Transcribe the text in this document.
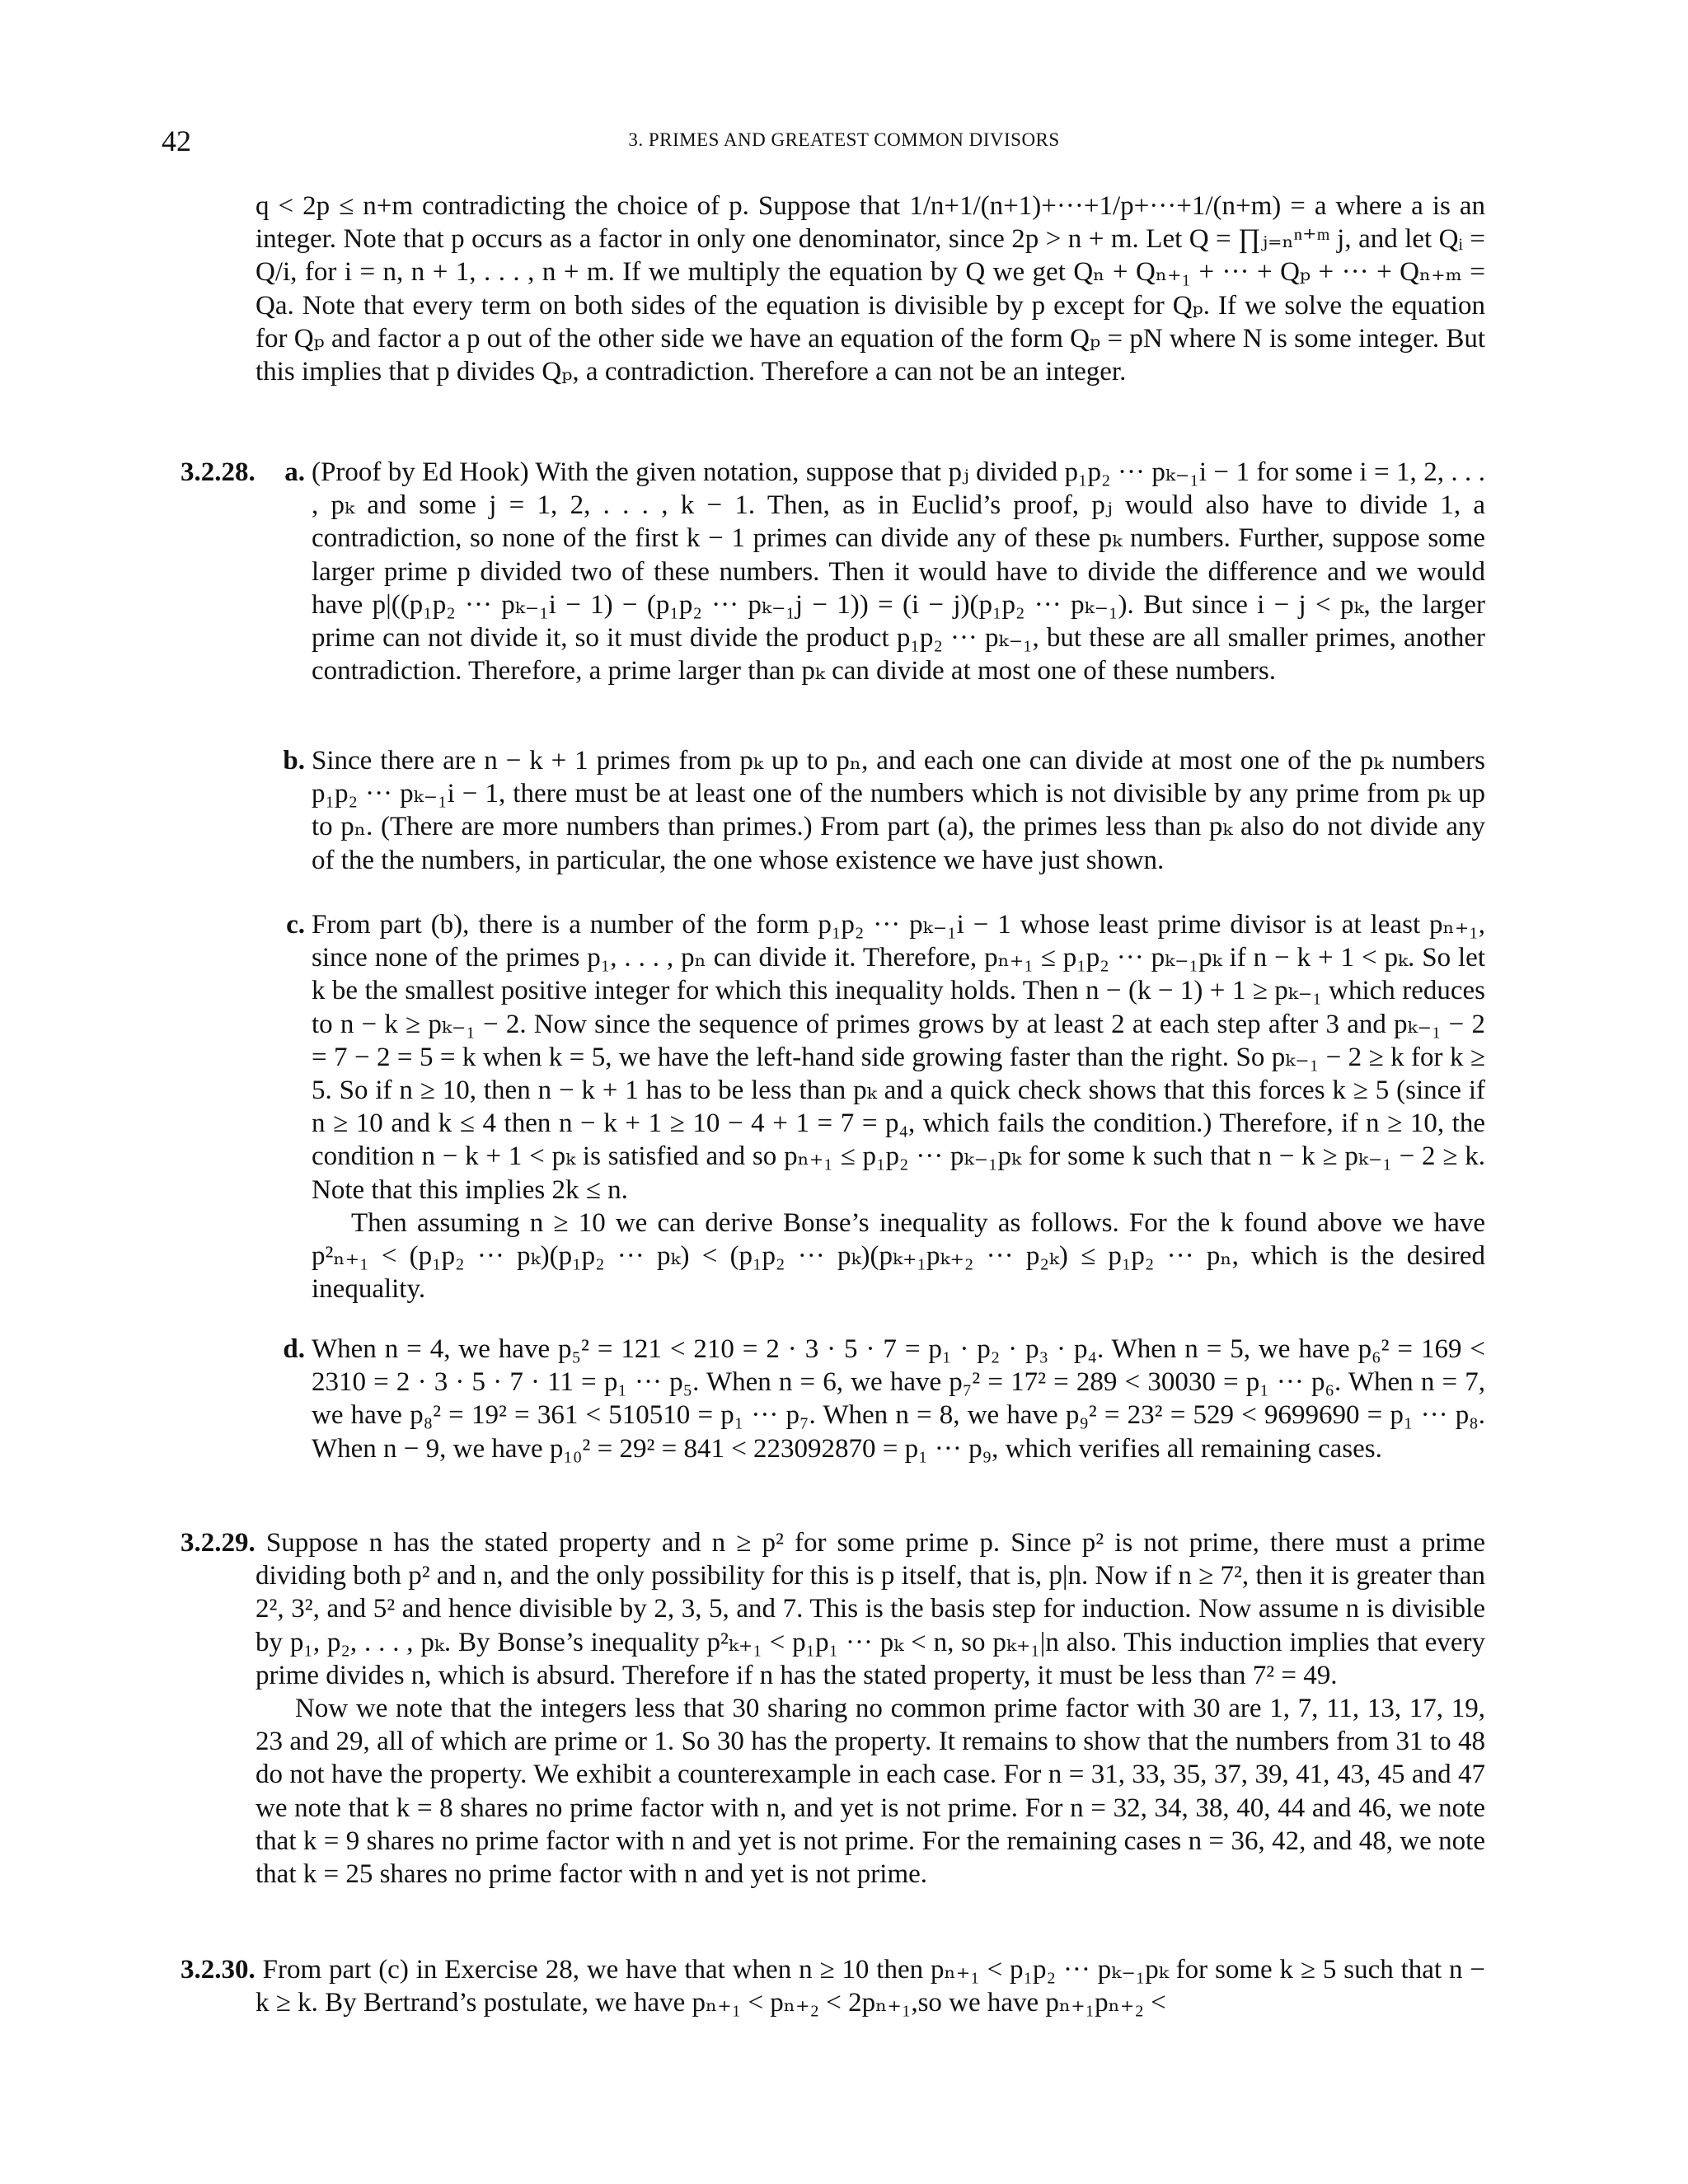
42	3. PRIMES AND GREATEST COMMON DIVISORS

q < 2p ≤ n+m contradicting the choice of p. Suppose that 1/n+1/(n+1)+···+1/p+···+1/(n+m) = a where a is an integer. Note that p occurs as a factor in only one denominator, since 2p > n + m. Let Q = ∏ⱼ₌ₙⁿ⁺ᵐ j, and let Qᵢ = Q/i, for i = n, n + 1, . . . , n + m. If we multiply the equation by Q we get Qₙ + Qₙ₊₁ + ··· + Qₚ + ··· + Qₙ₊ₘ = Qa. Note that every term on both sides of the equation is divisible by p except for Qₚ. If we solve the equation for Qₚ and factor a p out of the other side we have an equation of the form Qₚ = pN where N is some integer. But this implies that p divides Qₚ, a contradiction. Therefore a can not be an integer.

3.2.28.	a. (Proof by Ed Hook) With the given notation, suppose that pⱼ divided p₁p₂ ··· pₖ₋₁i − 1 for some i = 1, 2, . . . , pₖ and some j = 1, 2, . . . , k − 1. Then, as in Euclid’s proof, pⱼ would also have to divide 1, a contradiction, so none of the first k − 1 primes can divide any of these pₖ numbers. Further, suppose some larger prime p divided two of these numbers. Then it would have to divide the difference and we would have p|((p₁p₂ ··· pₖ₋₁i − 1) − (p₁p₂ ··· pₖ₋₁j − 1)) = (i − j)(p₁p₂ ··· pₖ₋₁). But since i − j < pₖ, the larger prime can not divide it, so it must divide the product p₁p₂ ··· pₖ₋₁, but these are all smaller primes, another contradiction. Therefore, a prime larger than pₖ can divide at most one of these numbers.

b. Since there are n − k + 1 primes from pₖ up to pₙ, and each one can divide at most one of the pₖ numbers p₁p₂ ··· pₖ₋₁i − 1, there must be at least one of the numbers which is not divisible by any prime from pₖ up to pₙ. (There are more numbers than primes.) From part (a), the primes less than pₖ also do not divide any of the the numbers, in particular, the one whose existence we have just shown.

c. From part (b), there is a number of the form p₁p₂ ··· pₖ₋₁i − 1 whose least prime divisor is at least pₙ₊₁, since none of the primes p₁, . . . , pₙ can divide it. Therefore, pₙ₊₁ ≤ p₁p₂ ··· pₖ₋₁pₖ if n − k + 1 < pₖ. So let k be the smallest positive integer for which this inequality holds. Then n − (k − 1) + 1 ≥ pₖ₋₁ which reduces to n − k ≥ pₖ₋₁ − 2. Now since the sequence of primes grows by at least 2 at each step after 3 and pₖ₋₁ − 2 = 7 − 2 = 5 = k when k = 5, we have the left-hand side growing faster than the right. So pₖ₋₁ − 2 ≥ k for k ≥ 5. So if n ≥ 10, then n − k + 1 has to be less than pₖ and a quick check shows that this forces k ≥ 5 (since if n ≥ 10 and k ≤ 4 then n − k + 1 ≥ 10 − 4 + 1 = 7 = p₄, which fails the condition.) Therefore, if n ≥ 10, the condition n − k + 1 < pₖ is satisfied and so pₙ₊₁ ≤ p₁p₂ ··· pₖ₋₁pₖ for some k such that n − k ≥ pₖ₋₁ − 2 ≥ k. Note that this implies 2k ≤ n.

Then assuming n ≥ 10 we can derive Bonse’s inequality as follows. For the k found above we have p²ₙ₊₁ < (p₁p₂ ··· pₖ)(p₁p₂ ··· pₖ) < (p₁p₂ ··· pₖ)(pₖ₊₁pₖ₊₂ ··· p₂ₖ) ≤ p₁p₂ ··· pₙ, which is the desired inequality.

d. When n = 4, we have p₅² = 121 < 210 = 2 · 3 · 5 · 7 = p₁ · p₂ · p₃ · p₄. When n = 5, we have p₆² = 169 < 2310 = 2 · 3 · 5 · 7 · 11 = p₁ ··· p₅. When n = 6, we have p₇² = 17² = 289 < 30030 = p₁ ··· p₆. When n = 7, we have p₈² = 19² = 361 < 510510 = p₁ ··· p₇. When n = 8, we have p₉² = 23² = 529 < 9699690 = p₁ ··· p₈. When n − 9, we have p₁₀² = 29² = 841 < 223092870 = p₁ ··· p₉, which verifies all remaining cases.

3.2.29. Suppose n has the stated property and n ≥ p² for some prime p. Since p² is not prime, there must a prime dividing both p² and n, and the only possibility for this is p itself, that is, p|n. Now if n ≥ 7², then it is greater than 2², 3², and 5² and hence divisible by 2, 3, 5, and 7. This is the basis step for induction. Now assume n is divisible by p₁, p₂, . . . , pₖ. By Bonse’s inequality p²ₖ₊₁ < p₁p₁ ··· pₖ < n, so pₖ₊₁|n also. This induction implies that every prime divides n, which is absurd. Therefore if n has the stated property, it must be less than 7² = 49.

Now we note that the integers less that 30 sharing no common prime factor with 30 are 1, 7, 11, 13, 17, 19, 23 and 29, all of which are prime or 1. So 30 has the property. It remains to show that the numbers from 31 to 48 do not have the property. We exhibit a counterexample in each case. For n = 31, 33, 35, 37, 39, 41, 43, 45 and 47 we note that k = 8 shares no prime factor with n, and yet is not prime. For n = 32, 34, 38, 40, 44 and 46, we note that k = 9 shares no prime factor with n and yet is not prime. For the remaining cases n = 36, 42, and 48, we note that k = 25 shares no prime factor with n and yet is not prime.

3.2.30. From part (c) in Exercise 28, we have that when n ≥ 10 then pₙ₊₁ < p₁p₂ ··· pₖ₋₁pₖ for some k ≥ 5 such that n − k ≥ k. By Bertrand’s postulate, we have pₙ₊₁ < pₙ₊₂ < 2pₙ₊₁,so we have pₙ₊₁pₙ₊₂ <
